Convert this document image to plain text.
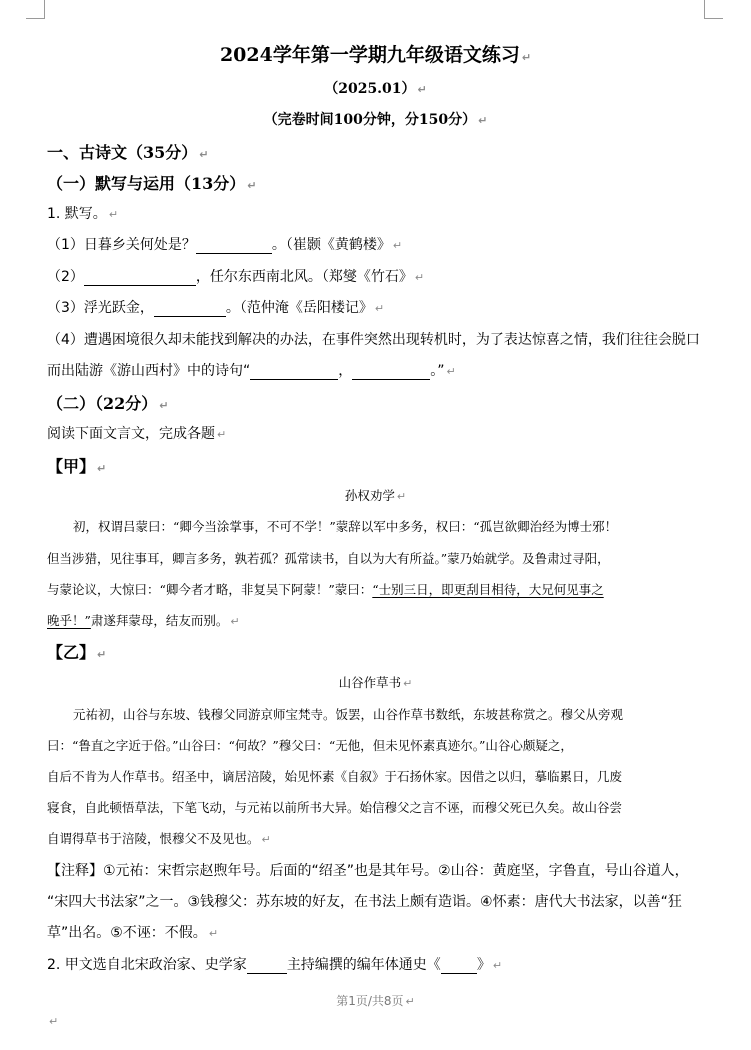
2024学年第一学期九年级语文练习 ↵
（2025.01） ↵
（完卷时间100分钟，分150分） ↵
一、古诗文（35分） ↵
（一）默写与运用（13分） ↵
1. 默写。 ↵
（1）日暮乡关何处是？	。（崔颢《黄鹤楼》 ↵
（2）	，任尔东西南北风。（郑燮《竹石》 ↵
（3）浮光跃金，	。（范仲淹《岳阳楼记》 ↵
（4）遭遇困境很久却未能找到解决的办法，在事件突然出现转机时，为了表达惊喜之情，我们往往会脱口
而出陆游《游山西村》中的诗句“	，	。” ↵
（二）（22分） ↵
阅读下面文言文，完成各题 ↵
【甲】 ↵
孙权劝学 ↵
初，权谓吕蒙曰：“卿今当涂掌事，不可不学！”蒙辞以军中多务，权曰：“孤岂欲卿治经为博士邪！
但当涉猎，见往事耳，卿言多务，孰若孤？孤常读书，自以为大有所益。”蒙乃始就学。及鲁肃过寻阳，
与蒙论议，大惊曰：“卿今者才略，非复吴下阿蒙！”蒙曰：“士别三日，即更刮目相待，大兄何见事之
晚乎！”肃遂拜蒙母，结友而别。 ↵
【乙】 ↵
山谷作草书 ↵
元祐初，山谷与东坡、钱穆父同游京师宝梵寺。饭罢，山谷作草书数纸，东坡甚称赏之。穆父从旁观
曰：“鲁直之字近于俗。”山谷曰：“何故？”穆父曰：“无他，但未见怀素真迹尔。”山谷心颇疑之，
自后不肯为人作草书。绍圣中，谪居涪陵，始见怀素《自叙》于石扬休家。因借之以归，摹临累日，几废
寝食，自此顿悟草法，下笔飞动，与元祐以前所书大异。始信穆父之言不诬，而穆父死已久矣。故山谷尝
自谓得草书于涪陵，恨穆父不及见也。 ↵
【注释】①元祐：宋哲宗赵煦年号。后面的“绍圣”也是其年号。②山谷：黄庭坚，字鲁直，号山谷道人，
“宋四大书法家”之一。③钱穆父：苏东坡的好友，在书法上颇有造诣。④怀素：唐代大书法家，以善“狂
草”出名。⑤不诬：不假。 ↵
2. 甲文选自北宋政治家、史学家	主持编撰的编年体通史《	》 ↵
第1页/共8页 ↵
↵
